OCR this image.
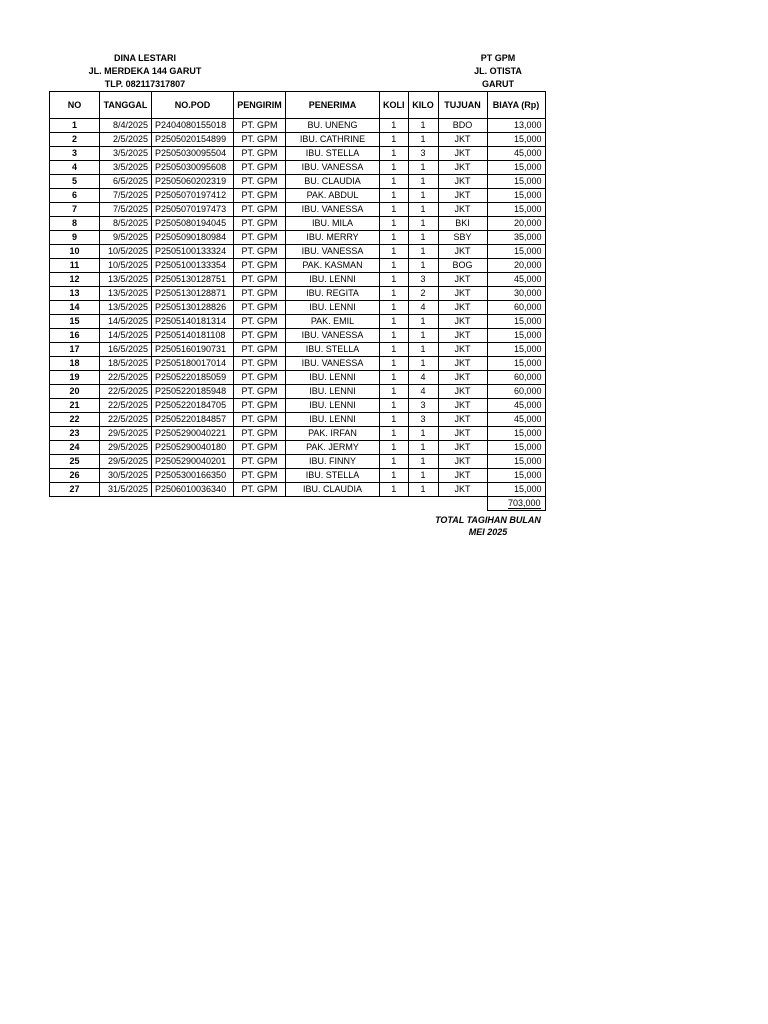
DINA LESTARI
JL. MERDEKA 144 GARUT
TLP. 082117317807
PT GPM
JL. OTISTA
GARUT
NO	TANGGAL	NO.POD	PENGIRIM	PENERIMA	KOLI	KILO	TUJUAN	BIAYA (Rp)
1	8/4/2025	P2404080155018	PT. GPM	BU. UNENG	1	1	BDO	13,000
2	2/5/2025	P2505020154899	PT. GPM	IBU. CATHRINE	1	1	JKT	15,000
3	3/5/2025	P2505030095504	PT. GPM	IBU. STELLA	1	3	JKT	45,000
4	3/5/2025	P2505030095608	PT. GPM	IBU. VANESSA	1	1	JKT	15,000
5	6/5/2025	P2505060202319	PT. GPM	BU. CLAUDIA	1	1	JKT	15,000
6	7/5/2025	P2505070197412	PT. GPM	PAK. ABDUL	1	1	JKT	15,000
7	7/5/2025	P2505070197473	PT. GPM	IBU. VANESSA	1	1	JKT	15,000
8	8/5/2025	P2505080194045	PT. GPM	IBU. MILA	1	1	BKI	20,000
9	9/5/2025	P2505090180984	PT. GPM	IBU. MERRY	1	1	SBY	35,000
10	10/5/2025	P2505100133324	PT. GPM	IBU. VANESSA	1	1	JKT	15,000
11	10/5/2025	P2505100133354	PT. GPM	PAK. KASMAN	1	1	BOG	20,000
12	13/5/2025	P2505130128751	PT. GPM	IBU. LENNI	1	3	JKT	45,000
13	13/5/2025	P2505130128871	PT. GPM	IBU. REGITA	1	2	JKT	30,000
14	13/5/2025	P2505130128826	PT. GPM	IBU. LENNI	1	4	JKT	60,000
15	14/5/2025	P2505140181314	PT. GPM	PAK. EMIL	1	1	JKT	15,000
16	14/5/2025	P2505140181108	PT. GPM	IBU. VANESSA	1	1	JKT	15,000
17	16/5/2025	P2505160190731	PT. GPM	IBU. STELLA	1	1	JKT	15,000
18	18/5/2025	P2505180017014	PT. GPM	IBU. VANESSA	1	1	JKT	15,000
19	22/5/2025	P2505220185059	PT. GPM	IBU. LENNI	1	4	JKT	60,000
20	22/5/2025	P2505220185948	PT. GPM	IBU. LENNI	1	4	JKT	60,000
21	22/5/2025	P2505220184705	PT. GPM	IBU. LENNI	1	3	JKT	45,000
22	22/5/2025	P2505220184857	PT. GPM	IBU. LENNI	1	3	JKT	45,000
23	29/5/2025	P2505290040221	PT. GPM	PAK. IRFAN	1	1	JKT	15,000
24	29/5/2025	P2505290040180	PT. GPM	PAK. JERMY	1	1	JKT	15,000
25	29/5/2025	P2505290040201	PT. GPM	IBU. FINNY	1	1	JKT	15,000
26	30/5/2025	P2505300166350	PT. GPM	IBU. STELLA	1	1	JKT	15,000
27	31/5/2025	P2506010036340	PT. GPM	IBU. CLAUDIA	1	1	JKT	15,000
								703,000
TOTAL TAGIHAN BULAN
MEI 2025
